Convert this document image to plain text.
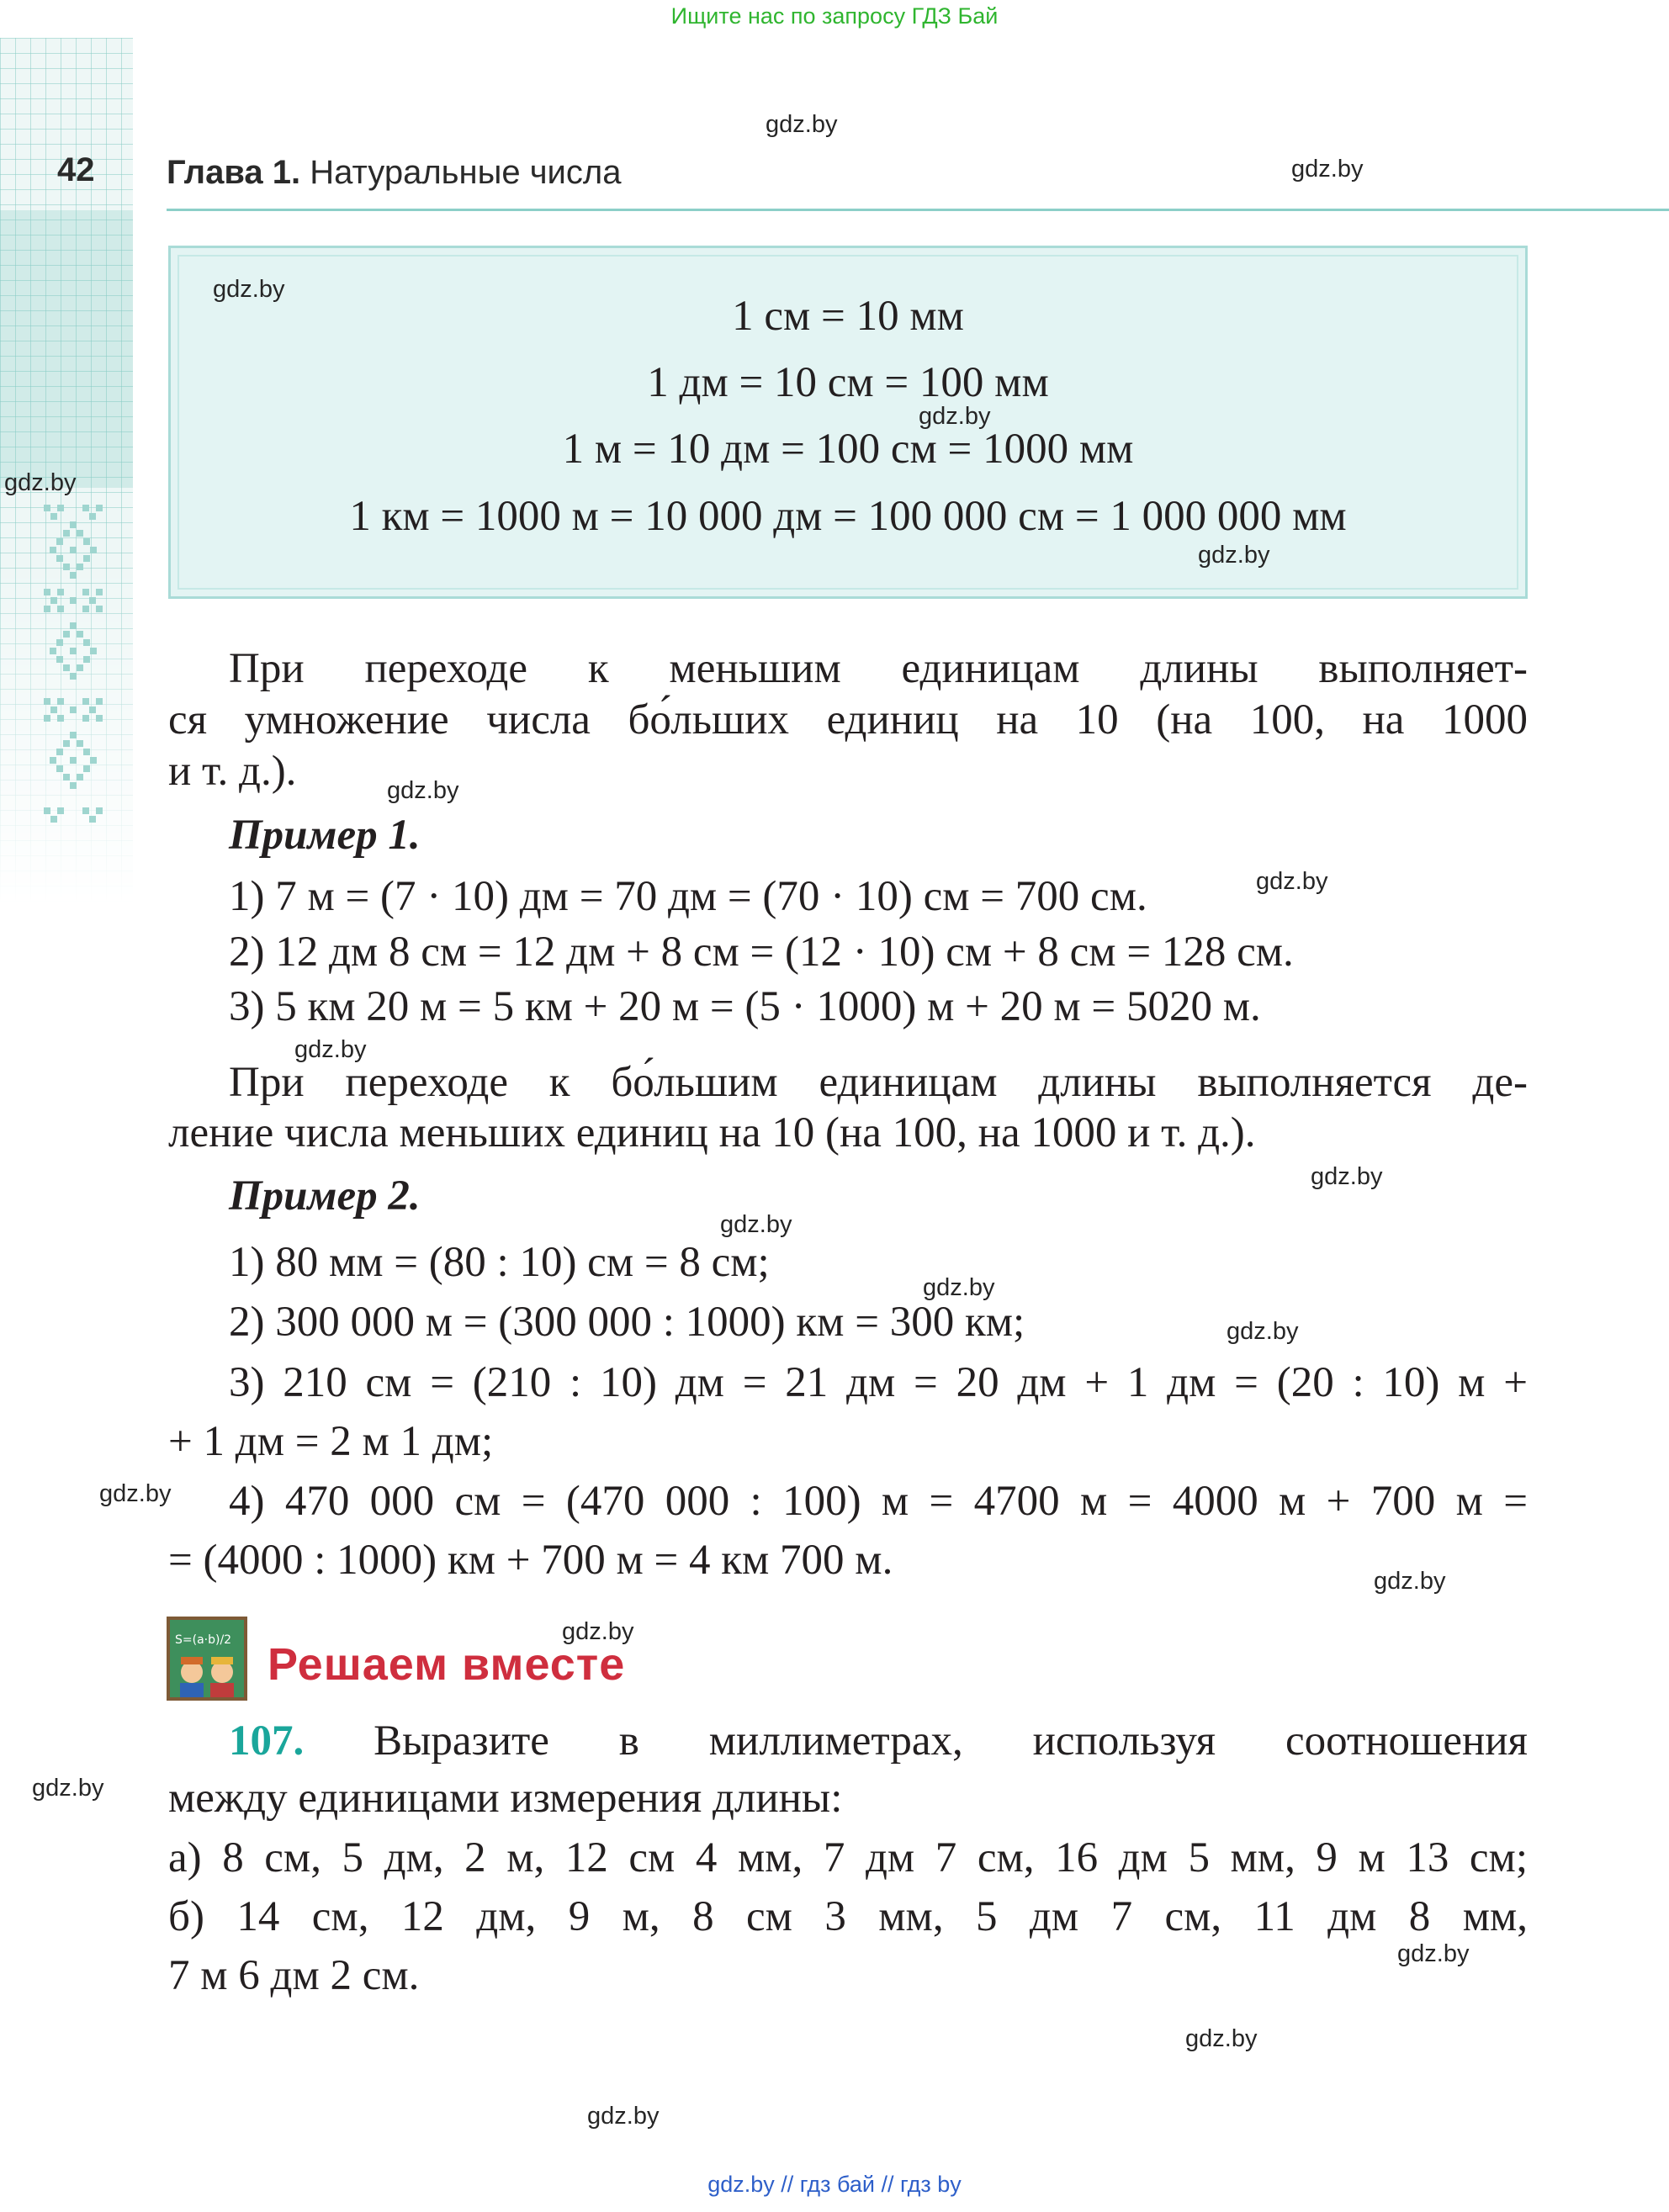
Ищите нас по запросу ГДЗ Бай
gdz.by // гдз бай // гдз by
42 Глава 1. Натуральные числа
1 см = 10 мм
1 дм = 10 см = 100 мм
1 м = 10 дм = 100 см = 1000 мм
1 км = 1000 м = 10 000 дм = 100 000 см = 1 000 000 мм
При переходе к меньшим единицам длины выполняет-
ся умножение числа бо́льших единиц на 10 (на 100, на 1000
и т. д.).
Пример 1.
1) 7 м = (7 · 10) дм = 70 дм = (70 · 10) см = 700 см.
2) 12 дм 8 см = 12 дм + 8 см = (12 · 10) см + 8 см = 128 см.
3) 5 км 20 м = 5 км + 20 м = (5 · 1000) м + 20 м = 5020 м.
При переходе к бо́льшим единицам длины выполняется де-
ление числа меньших единиц на 10 (на 100, на 1000 и т. д.).
Пример 2.
1) 80 мм = (80 : 10) см = 8 см;
2) 300 000 м = (300 000 : 1000) км = 300 км;
3) 210 см = (210 : 10) дм = 21 дм = 20 дм + 1 дм = (20 : 10) м +
+ 1 дм = 2 м 1 дм;
4) 470 000 см = (470 000 : 100) м = 4700 м = 4000 м + 700 м =
= (4000 : 1000) км + 700 м = 4 км 700 м.
S=(a·b)/2 Решаем вместе
107. Выразите в миллиметрах, используя соотношения
между единицами измерения длины:
а) 8 см, 5 дм, 2 м, 12 см 4 мм, 7 дм 7 см, 16 дм 5 мм, 9 м 13 см;
б) 14 см, 12 дм, 9 м, 8 см 3 мм, 5 дм 7 см, 11 дм 8 мм,
7 м 6 дм 2 см.
gdz.by
gdz.by
gdz.by
gdz.by
gdz.by
gdz.by
gdz.by
gdz.by
gdz.by
gdz.by
gdz.by
gdz.by
gdz.by
gdz.by
gdz.by
gdz.by
gdz.by
gdz.by
gdz.by
gdz.by
